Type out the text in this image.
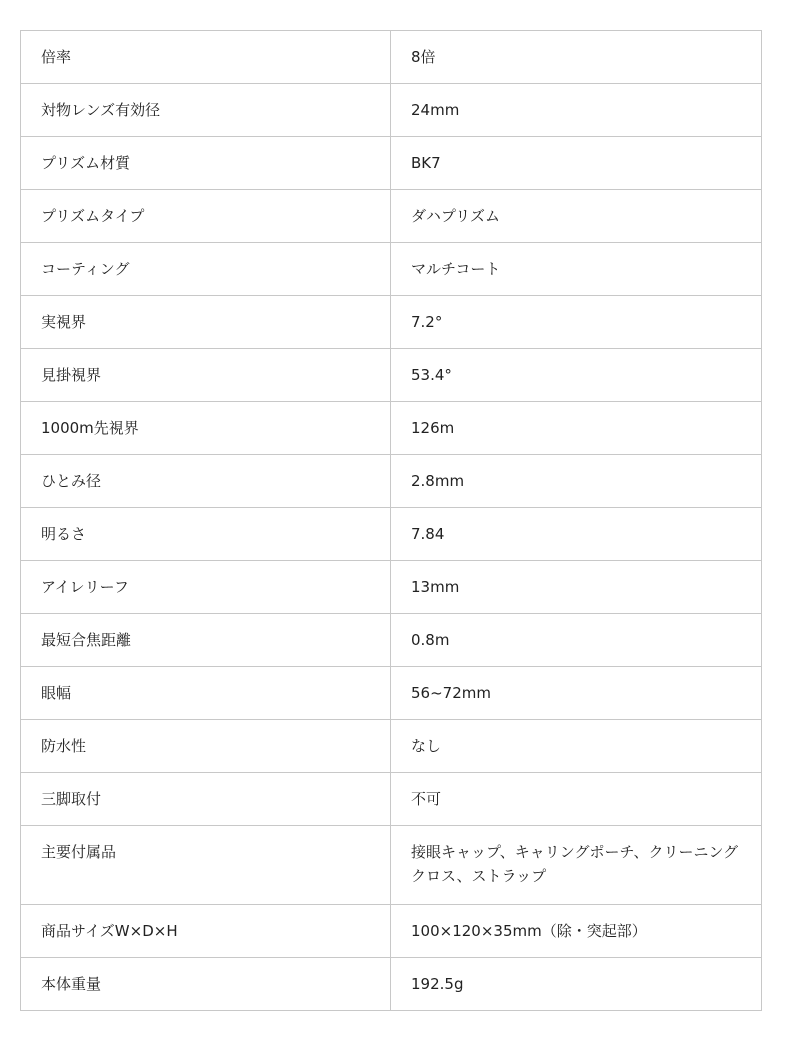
倍率	8倍
対物レンズ有効径	24mm
プリズム材質	BK7
プリズムタイプ	ダハプリズム
コーティング	マルチコート
実視界	7.2°
見掛視界	53.4°
1000m先視界	126m
ひとみ径	2.8mm
明るさ	7.84
アイレリーフ	13mm
最短合焦距離	0.8m
眼幅	56~72mm
防水性	なし
三脚取付	不可
主要付属品	接眼キャップ、キャリングポーチ、クリーニングクロス、ストラップ
商品サイズW×D×H	100×120×35mm（除・突起部）
本体重量	192.5g
